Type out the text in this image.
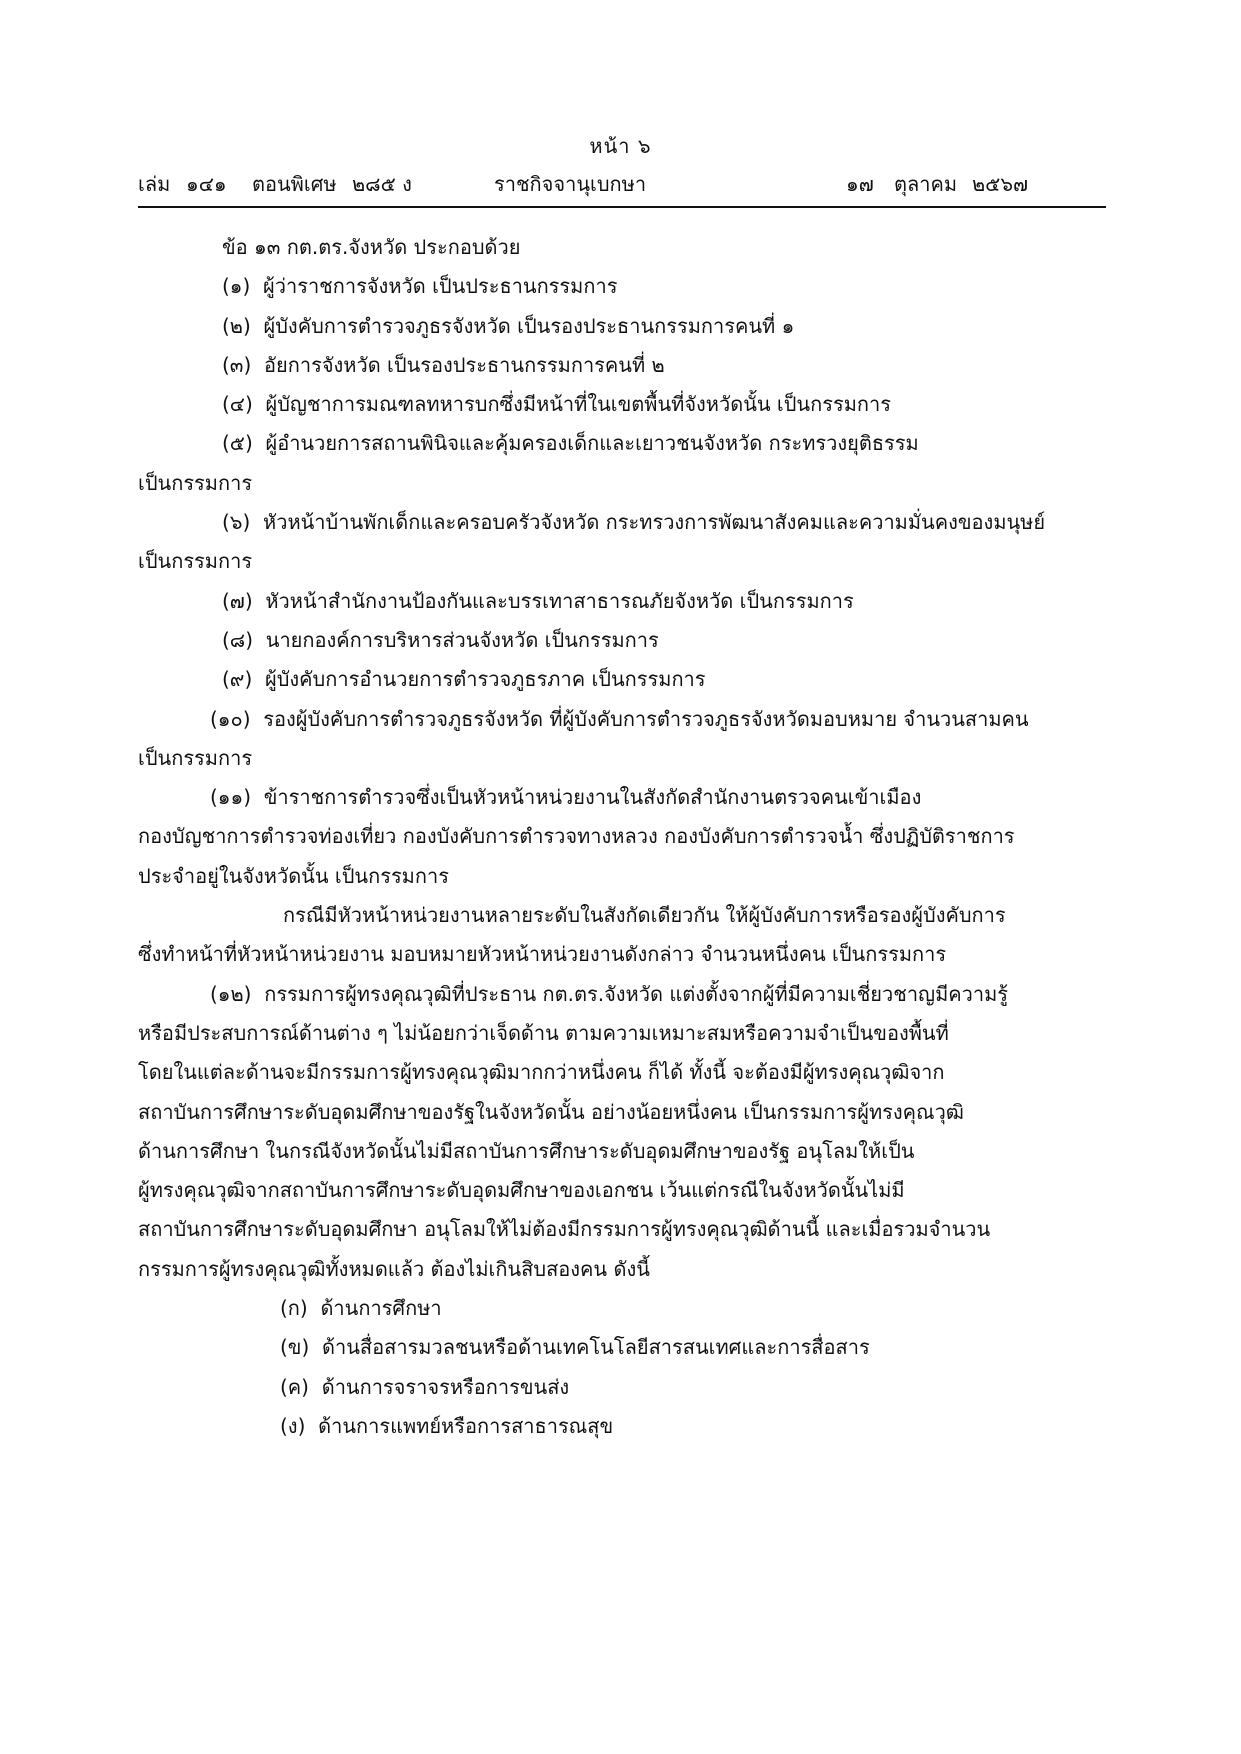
หน้า ๖
เล่ม ๑๔๑	ตอนพิเศษ ๒๘๕ ง	ราชกิจจานุเบกษา	๑๗	ตุลาคม ๒๕๖๗

ข้อ ๑๓ กต.ตร.จังหวัด ประกอบด้วย

(๑) ผู้ว่าราชการจังหวัด เป็นประธานกรรมการ

(๒) ผู้บังคับการตำรวจภูธรจังหวัด เป็นรองประธานกรรมการคนที่ ๑

(๓) อัยการจังหวัด เป็นรองประธานกรรมการคนที่ ๒

(๔) ผู้บัญชาการมณฑลทหารบกซึ่งมีหน้าที่ในเขตพื้นที่จังหวัดนั้น เป็นกรรมการ

(๕) ผู้อำนวยการสถานพินิจและคุ้มครองเด็กและเยาวชนจังหวัด กระทรวงยุติธรรม

เป็นกรรมการ

(๖) หัวหน้าบ้านพักเด็กและครอบครัวจังหวัด กระทรวงการพัฒนาสังคมและความมั่นคงของมนุษย์

เป็นกรรมการ

(๗) หัวหน้าสำนักงานป้องกันและบรรเทาสาธารณภัยจังหวัด เป็นกรรมการ

(๘) นายกองค์การบริหารส่วนจังหวัด เป็นกรรมการ

(๙) ผู้บังคับการอำนวยการตำรวจภูธรภาค เป็นกรรมการ

(๑๐) รองผู้บังคับการตำรวจภูธรจังหวัด ที่ผู้บังคับการตำรวจภูธรจังหวัดมอบหมาย จำนวนสามคน

เป็นกรรมการ

(๑๑) ข้าราชการตำรวจซึ่งเป็นหัวหน้าหน่วยงานในสังกัดสำนักงานตรวจคนเข้าเมือง

กองบัญชาการตำรวจท่องเที่ยว กองบังคับการตำรวจทางหลวง กองบังคับการตำรวจน้ำ ซึ่งปฏิบัติราชการ

ประจำอยู่ในจังหวัดนั้น เป็นกรรมการ

กรณีมีหัวหน้าหน่วยงานหลายระดับในสังกัดเดียวกัน ให้ผู้บังคับการหรือรองผู้บังคับการ

ซึ่งทำหน้าที่หัวหน้าหน่วยงาน มอบหมายหัวหน้าหน่วยงานดังกล่าว จำนวนหนึ่งคน เป็นกรรมการ

(๑๒) กรรมการผู้ทรงคุณวุฒิที่ประธาน กต.ตร.จังหวัด แต่งตั้งจากผู้ที่มีความเชี่ยวชาญมีความรู้

หรือมีประสบการณ์ด้านต่าง ๆ ไม่น้อยกว่าเจ็ดด้าน ตามความเหมาะสมหรือความจำเป็นของพื้นที่

โดยในแต่ละด้านจะมีกรรมการผู้ทรงคุณวุฒิมากกว่าหนึ่งคน ก็ได้ ทั้งนี้ จะต้องมีผู้ทรงคุณวุฒิจาก

สถาบันการศึกษาระดับอุดมศึกษาของรัฐในจังหวัดนั้น อย่างน้อยหนึ่งคน เป็นกรรมการผู้ทรงคุณวุฒิ

ด้านการศึกษา ในกรณีจังหวัดนั้นไม่มีสถาบันการศึกษาระดับอุดมศึกษาของรัฐ อนุโลมให้เป็น

ผู้ทรงคุณวุฒิจากสถาบันการศึกษาระดับอุดมศึกษาของเอกชน เว้นแต่กรณีในจังหวัดนั้นไม่มี

สถาบันการศึกษาระดับอุดมศึกษา อนุโลมให้ไม่ต้องมีกรรมการผู้ทรงคุณวุฒิด้านนี้ และเมื่อรวมจำนวน

กรรมการผู้ทรงคุณวุฒิทั้งหมดแล้ว ต้องไม่เกินสิบสองคน ดังนี้

(ก) ด้านการศึกษา

(ข) ด้านสื่อสารมวลชนหรือด้านเทคโนโลยีสารสนเทศและการสื่อสาร

(ค) ด้านการจราจรหรือการขนส่ง

(ง) ด้านการแพทย์หรือการสาธารณสุข
